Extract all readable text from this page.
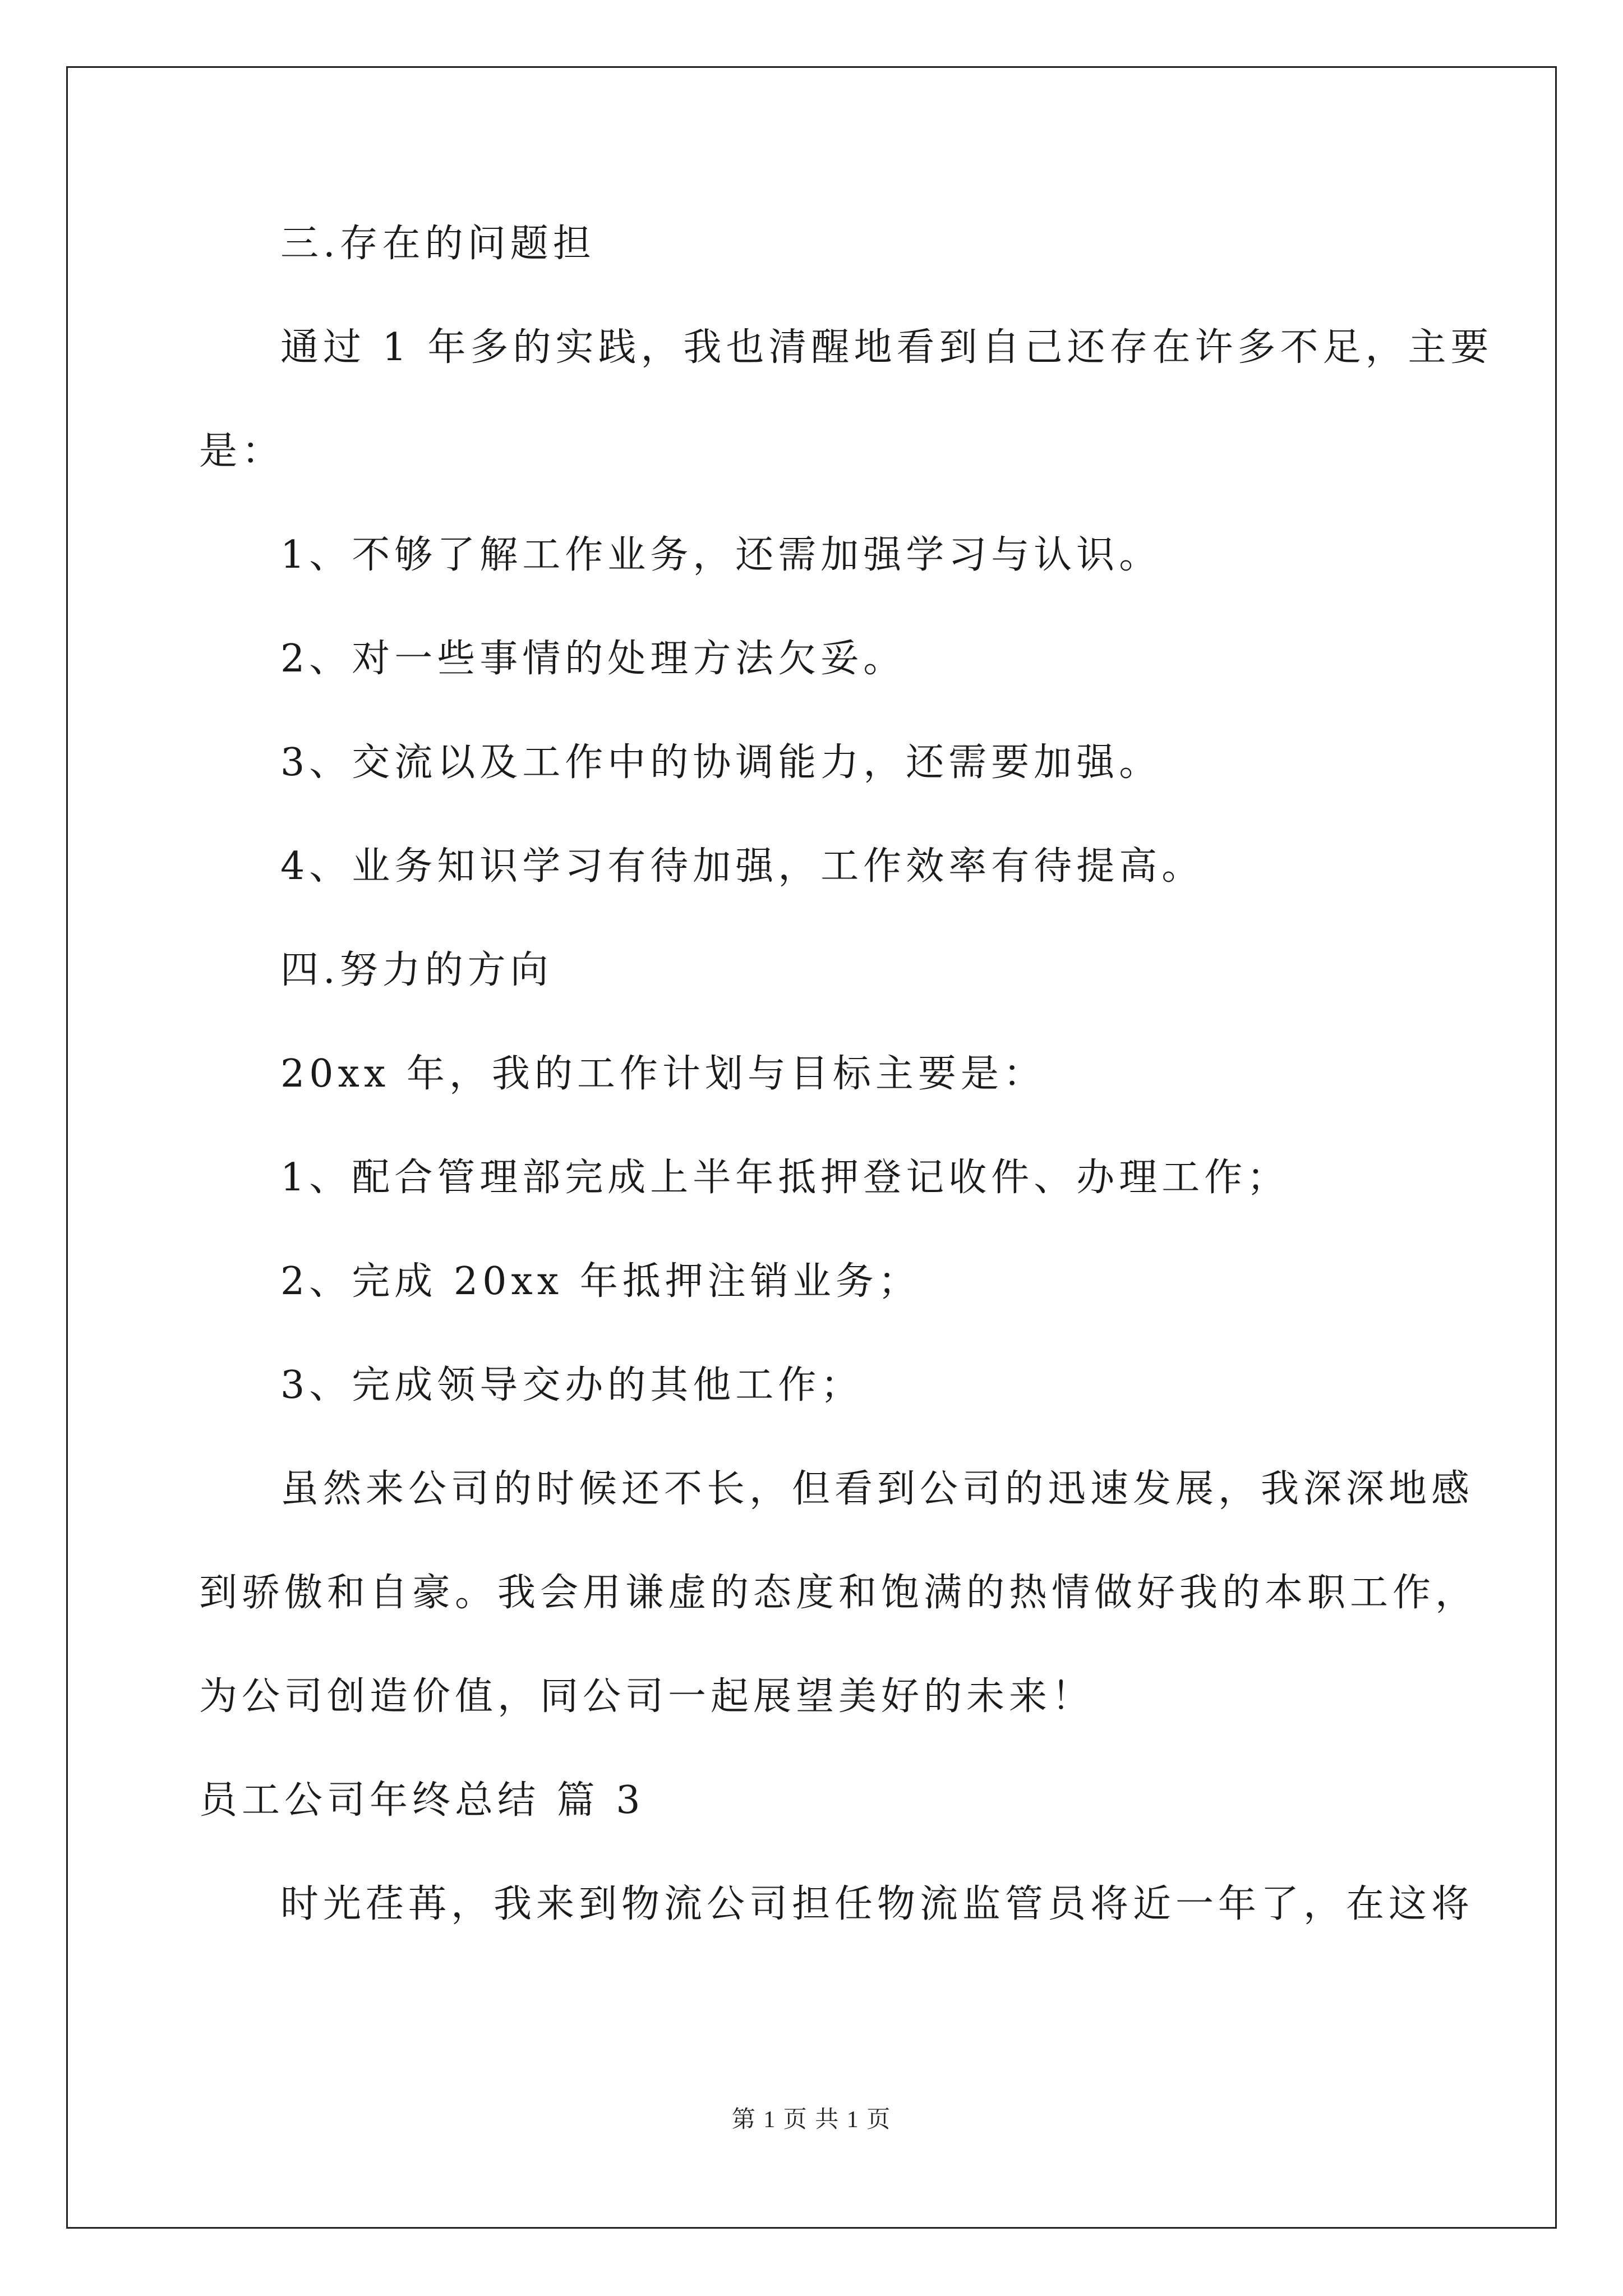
三.存在的问题担
通过 1 年多的实践，我也清醒地看到自己还存在许多不足，主要
是：
1、不够了解工作业务，还需加强学习与认识。
2、对一些事情的处理方法欠妥。
3、交流以及工作中的协调能力，还需要加强。
4、业务知识学习有待加强，工作效率有待提高。
四.努力的方向
20xx 年，我的工作计划与目标主要是：
1、配合管理部完成上半年抵押登记收件、办理工作；
2、完成 20xx 年抵押注销业务；
3、完成领导交办的其他工作；
虽然来公司的时候还不长，但看到公司的迅速发展，我深深地感
到骄傲和自豪。我会用谦虚的态度和饱满的热情做好我的本职工作，
为公司创造价值，同公司一起展望美好的未来！
员工公司年终总结 篇 3
时光荏苒，我来到物流公司担任物流监管员将近一年了，在这将
第 1 页 共 1 页
